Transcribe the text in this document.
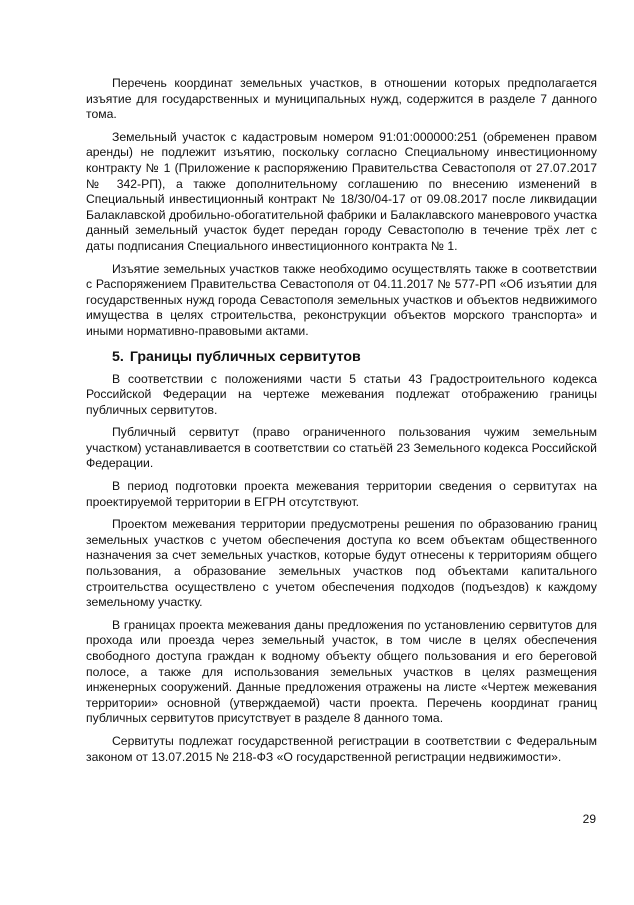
Перечень координат земельных участков, в отношении которых предполагается изъятие для государственных и муниципальных нужд, содержится в разделе 7 данного тома.

Земельный участок с кадастровым номером 91:01:000000:251 (обременен правом аренды) не подлежит изъятию, поскольку согласно Специальному инвестиционному контракту № 1 (Приложение к распоряжению Правительства Севастополя от 27.07.2017 № 342-РП), а также дополнительному соглашению по внесению изменений в Специальный инвестиционный контракт № 18/30/04-17 от 09.08.2017 после ликвидации Балаклавской дробильно-обогатительной фабрики и Балаклавского маневрового участка данный земельный участок будет передан городу Севастополю в течение трёх лет с даты подписания Специального инвестиционного контракта № 1.

Изъятие земельных участков также необходимо осуществлять также в соответствии с Распоряжением Правительства Севастополя от 04.11.2017 № 577-РП «Об изъятии для государственных нужд города Севастополя земельных участков и объектов недвижимого имущества в целях строительства, реконструкции объектов морского транспорта» и иными нормативно-правовыми актами.

5. Границы публичных сервитутов

В соответствии с положениями части 5 статьи 43 Градостроительного кодекса Российской Федерации на чертеже межевания подлежат отображению границы публичных сервитутов.

Публичный сервитут (право ограниченного пользования чужим земельным участком) устанавливается в соответствии со статьёй 23 Земельного кодекса Российской Федерации.

В период подготовки проекта межевания территории сведения о сервитутах на проектируемой территории в ЕГРН отсутствуют.

Проектом межевания территории предусмотрены решения по образованию границ земельных участков с учетом обеспечения доступа ко всем объектам общественного назначения за счет земельных участков, которые будут отнесены к территориям общего пользования, а образование земельных участков под объектами капитального строительства осуществлено с учетом обеспечения подходов (подъездов) к каждому земельному участку.

В границах проекта межевания даны предложения по установлению сервитутов для прохода или проезда через земельный участок, в том числе в целях обеспечения свободного доступа граждан к водному объекту общего пользования и его береговой полосе, а также для использования земельных участков в целях размещения инженерных сооружений. Данные предложения отражены на листе «Чертеж межевания территории» основной (утверждаемой) части проекта. Перечень координат границ публичных сервитутов присутствует в разделе 8 данного тома.

Сервитуты подлежат государственной регистрации в соответствии с Федеральным законом от 13.07.2015 № 218-ФЗ «О государственной регистрации недвижимости».

29
